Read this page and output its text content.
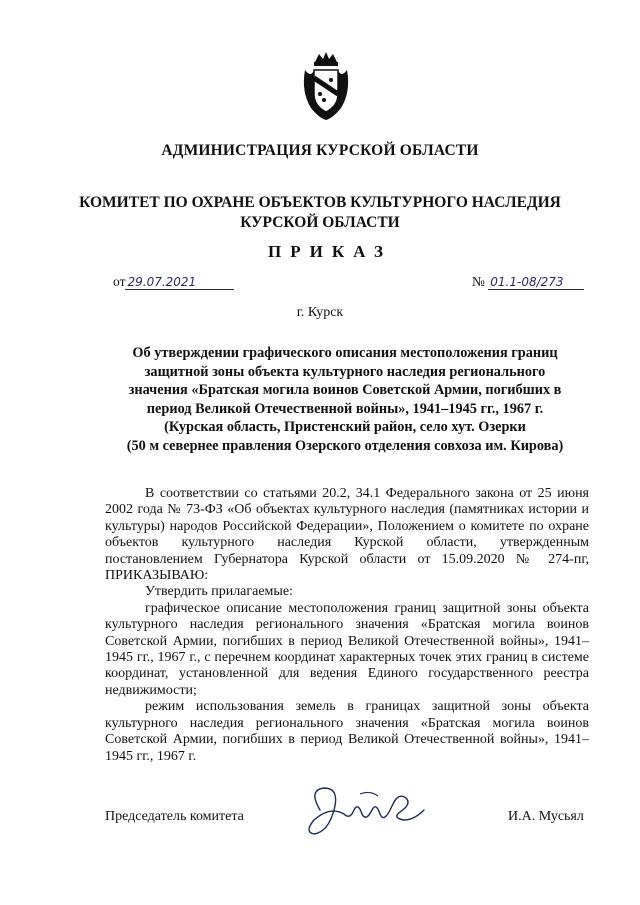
АДМИНИСТРАЦИЯ КУРСКОЙ ОБЛАСТИ
КОМИТЕТ ПО ОХРАНЕ ОБЪЕКТОВ КУЛЬТУРНОГО НАСЛЕДИЯ
КУРСКОЙ ОБЛАСТИ
ПРИКАЗ
от 29.07.2021	№ 01.1-08/273
г. Курск
Об утверждении графического описания местоположения границ
защитной зоны объекта культурного наследия регионального
значения «Братская могила воинов Советской Армии, погибших в
период Великой Отечественной войны», 1941–1945 гг., 1967 г.
(Курская область, Пристенский район, село хут. Озерки
(50 м севернее правления Озерского отделения совхоза им. Кирова)

В соответствии со статьями 20.2, 34.1 Федерального закона от 25 июня 2002 года № 73-ФЗ «Об объектах культурного наследия (памятниках истории и культуры) народов Российской Федерации», Положением о комитете по охране объектов культурного наследия Курской области, утвержденным постановлением Губернатора Курской области от 15.09.2020 № 274-пг, ПРИКАЗЫВАЮ:

Утвердить прилагаемые:

графическое описание местоположения границ защитной зоны объекта культурного наследия регионального значения «Братская могила воинов Советской Армии, погибших в период Великой Отечественной войны», 1941–1945 гг., 1967 г., с перечнем координат характерных точек этих границ в системе координат, установленной для ведения Единого государственного реестра недвижимости;

режим использования земель в границах защитной зоны объекта культурного наследия регионального значения «Братская могила воинов Советской Армии, погибших в период Великой Отечественной войны», 1941–1945 гг., 1967 г.

Председатель комитета	И.А. Мусьял
